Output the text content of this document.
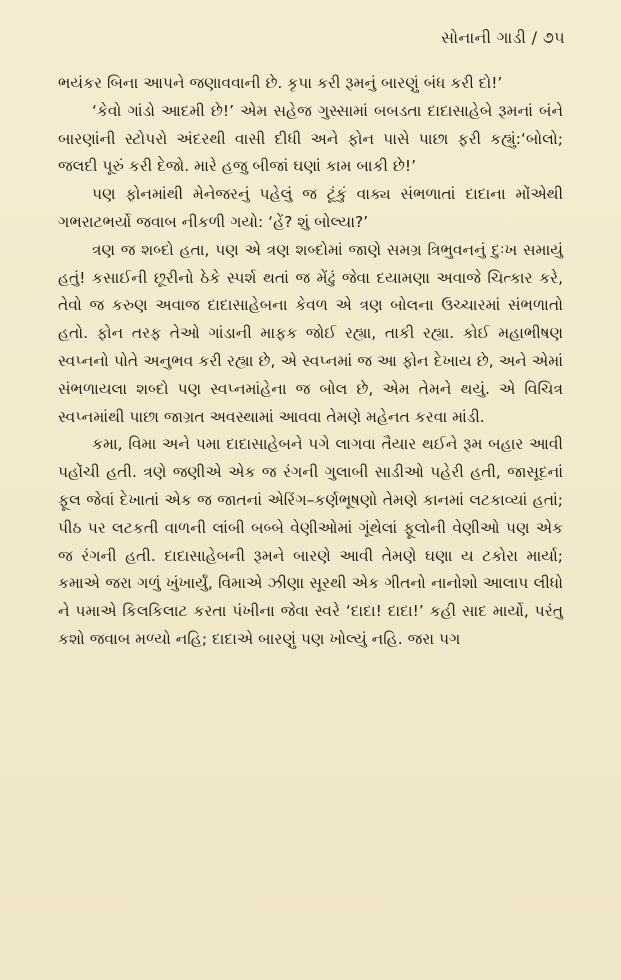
સોનાની ગાડી / ૭૫

ભયંકર બિના આપને જણાવવાની છે. કૃપા કરી રૂમનું બારણું બંધ કરી દો!’

‘કેવો ગાંડો આદમી છે!’ એમ સહેજ ગુસ્સામાં બબડતા દાદાસાહેબે રૂમનાં બંને બારણાંની સ્ટોપરો અંદરથી વાસી દીધી અને ફોન પાસે પાછા ફરી કહ્યું:‘બોલો; જલદી પૂરું કરી દેજો. મારે હજુ બીજાં ઘણાં કામ બાકી છે!’

પણ ફોનમાંથી મેનેજરનું પહેલું જ ટૂંકું વાક્ય સંભળાતાં દાદાના મોંએથી ગભરાટભર્યો જવાબ નીકળી ગયો: ‘હેં? શું બોલ્યા?’

ત્રણ જ શબ્દો હતા, પણ એ ત્રણ શબ્દોમાં જાણે સમગ્ર ત્રિભુવનનું દુઃખ સમાયું હતું! કસાઈની છૂરીનો ઠેકે સ્પર્શ થતાં જ મેંઢું જેવા દયામણા અવાજે ચિત્કાર કરે, તેવો જ કરુણ અવાજ દાદાસાહેબના કેવળ એ ત્રણ બોલના ઉચ્ચારમાં સંભળાતો હતો. ફોન તરફ તેઓ ગાંડાની માફક જોઈ રહ્યા, તાકી રહ્યા. કોઈ મહાભીષણ સ્વપ્નનો પોતે અનુભવ કરી રહ્યા છે, એ સ્વપ્નમાં જ આ ફોન દેખાય છે, અને એમાં સંભળાયલા શબ્દો પણ સ્વપ્નમાંહેના જ બોલ છે, એમ તેમને થયું. એ વિચિત્ર સ્વપ્નમાંથી પાછા જાગ્રત અવસ્થામાં આવવા તેમણે મહેનત કરવા માંડી.

કમા, વિમા અને પમા દાદાસાહેબને પગે લાગવા તૈયાર થઈને રૂમ બહાર આવી પહોંચી હતી. ત્રણે જણીએ એક જ રંગની ગુલાબી સાડીઓ પહેરી હતી, જાસૂદનાં ફૂલ જેવાં દેખાતાં એક જ જાતનાં એરિંગ–કર્ણભૂષણો તેમણે કાનમાં લટકાવ્યાં હતાં; પીઠ પર લટકતી વાળની લાંબી બબ્બે વેણીઓમાં ગૂંથેલાં ફૂલોની વેણીઓ પણ એક જ રંગની હતી. દાદાસાહેબની રૂમને બારણે આવી તેમણે ઘણા ય ટકોરા માર્યા; કમાએ જરા ગળું ખુંખાર્યું, વિમાએ ઝીણા સૂરથી એક ગીતનો નાનોશો આલાપ લીધો ને પમાએ કિલકિલાટ કરતા પંખીના જેવા સ્વરે ‘દાદા! દાદા!’ કહી સાદ માર્યો, પરંતુ કશો જવાબ મળ્યો નહિ; દાદાએ બારણું પણ ખોલ્યું નહિ. જરા પગ
